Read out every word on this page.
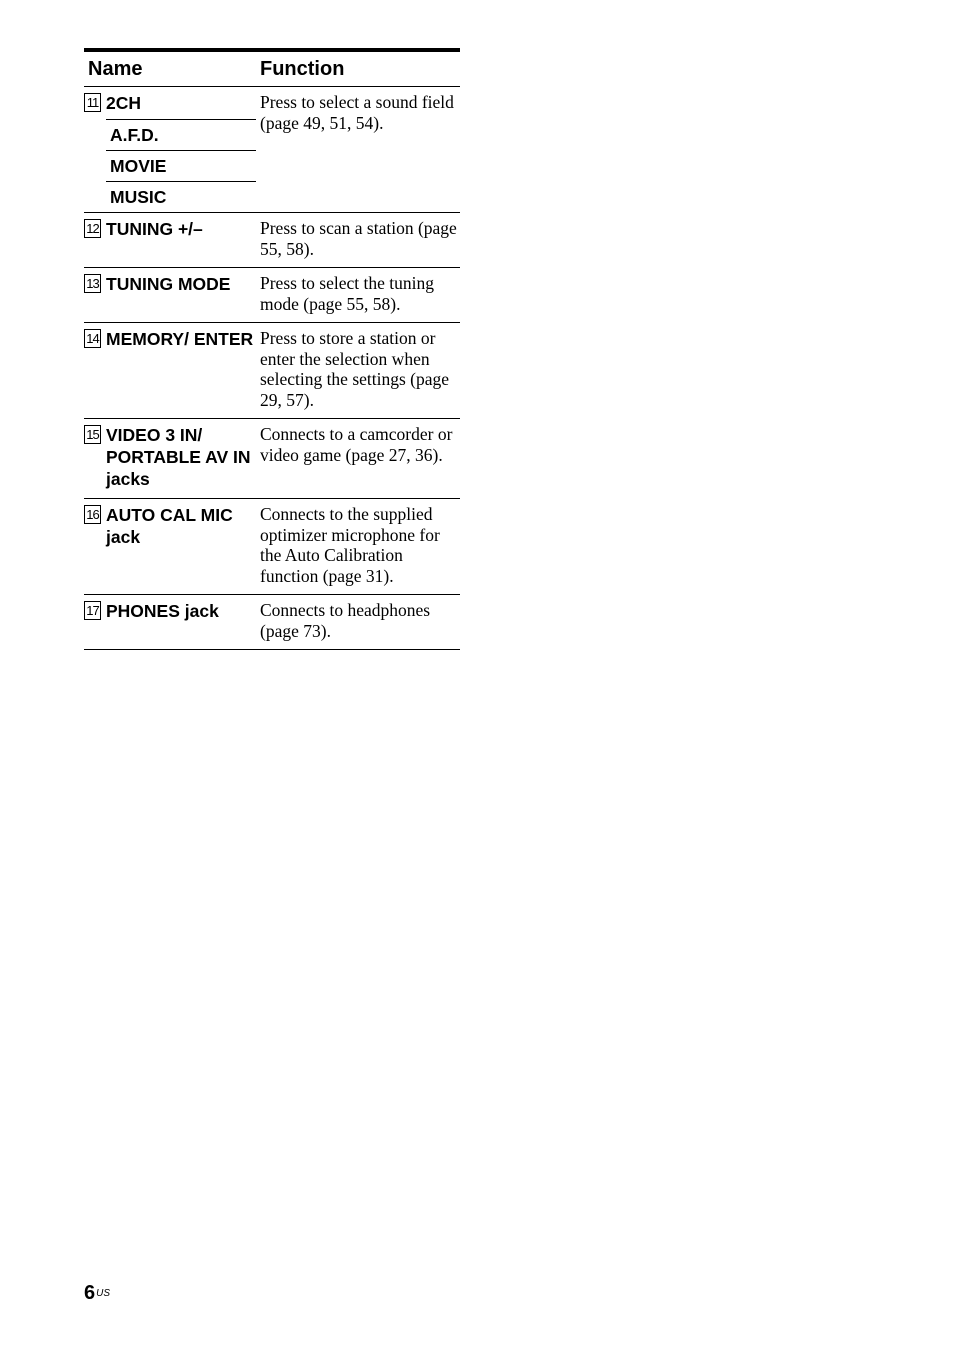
Name	Function

11 2CH
A.F.D.
MOVIE
MUSIC	Press to select a sound field (page 49, 51, 54).

12 TUNING +/–	Press to scan a station (page 55, 58).

13 TUNING MODE	Press to select the tuning mode (page 55, 58).

14 MEMORY/ ENTER	Press to store a station or enter the selection when selecting the settings (page 29, 57).

15 VIDEO 3 IN/ PORTABLE AV IN jacks	Connects to a camcorder or video game (page 27, 36).

16 AUTO CAL MIC jack	Connects to the supplied optimizer microphone for the Auto Calibration function (page 31).

17 PHONES jack	Connects to headphones (page 73).
$6^{US}$
